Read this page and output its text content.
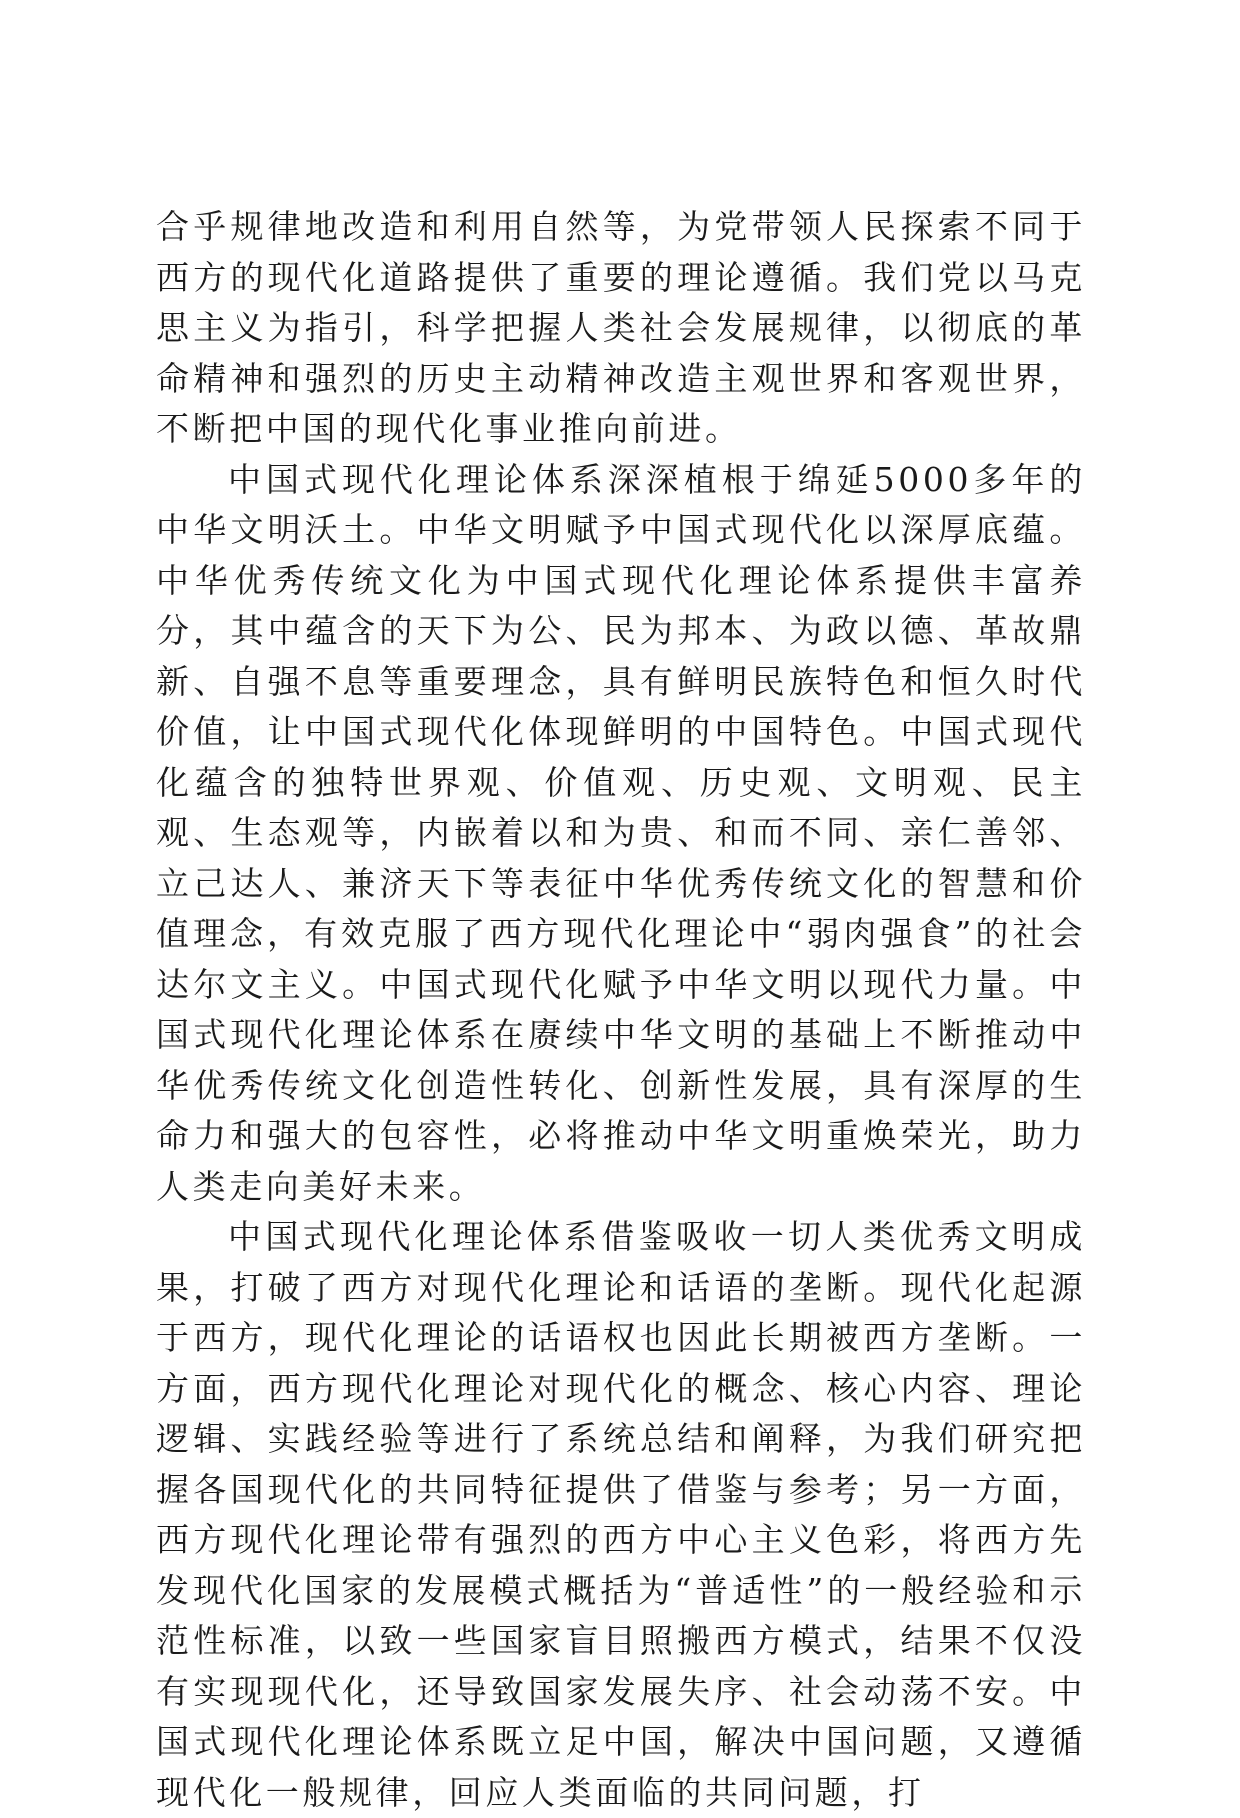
合乎规律地改造和利用自然等，为党带领人民探索不同于西方的现代化道路提供了重要的理论遵循。我们党以马克思主义为指引，科学把握人类社会发展规律，以彻底的革命精神和强烈的历史主动精神改造主观世界和客观世界，不断把中国的现代化事业推向前进。

中国式现代化理论体系深深植根于绵延5000多年的中华文明沃土。中华文明赋予中国式现代化以深厚底蕴。中华优秀传统文化为中国式现代化理论体系提供丰富养分，其中蕴含的天下为公、民为邦本、为政以德、革故鼎新、自强不息等重要理念，具有鲜明民族特色和恒久时代价值，让中国式现代化体现鲜明的中国特色。中国式现代化蕴含的独特世界观、价值观、历史观、文明观、民主观、生态观等，内嵌着以和为贵、和而不同、亲仁善邻、立己达人、兼济天下等表征中华优秀传统文化的智慧和价值理念，有效克服了西方现代化理论中“弱肉强食”的社会达尔文主义。中国式现代化赋予中华文明以现代力量。中国式现代化理论体系在赓续中华文明的基础上不断推动中华优秀传统文化创造性转化、创新性发展，具有深厚的生命力和强大的包容性，必将推动中华文明重焕荣光，助力人类走向美好未来。

中国式现代化理论体系借鉴吸收一切人类优秀文明成果，打破了西方对现代化理论和话语的垄断。现代化起源于西方，现代化理论的话语权也因此长期被西方垄断。一方面，西方现代化理论对现代化的概念、核心内容、理论逻辑、实践经验等进行了系统总结和阐释，为我们研究把握各国现代化的共同特征提供了借鉴与参考；另一方面，西方现代化理论带有强烈的西方中心主义色彩，将西方先发现代化国家的发展模式概括为“普适性”的一般经验和示范性标准，以致一些国家盲目照搬西方模式，结果不仅没有实现现代化，还导致国家发展失序、社会动荡不安。中国式现代化理论体系既立足中国，解决中国问题，又遵循现代化一般规律，回应人类面临的共同问题，打
